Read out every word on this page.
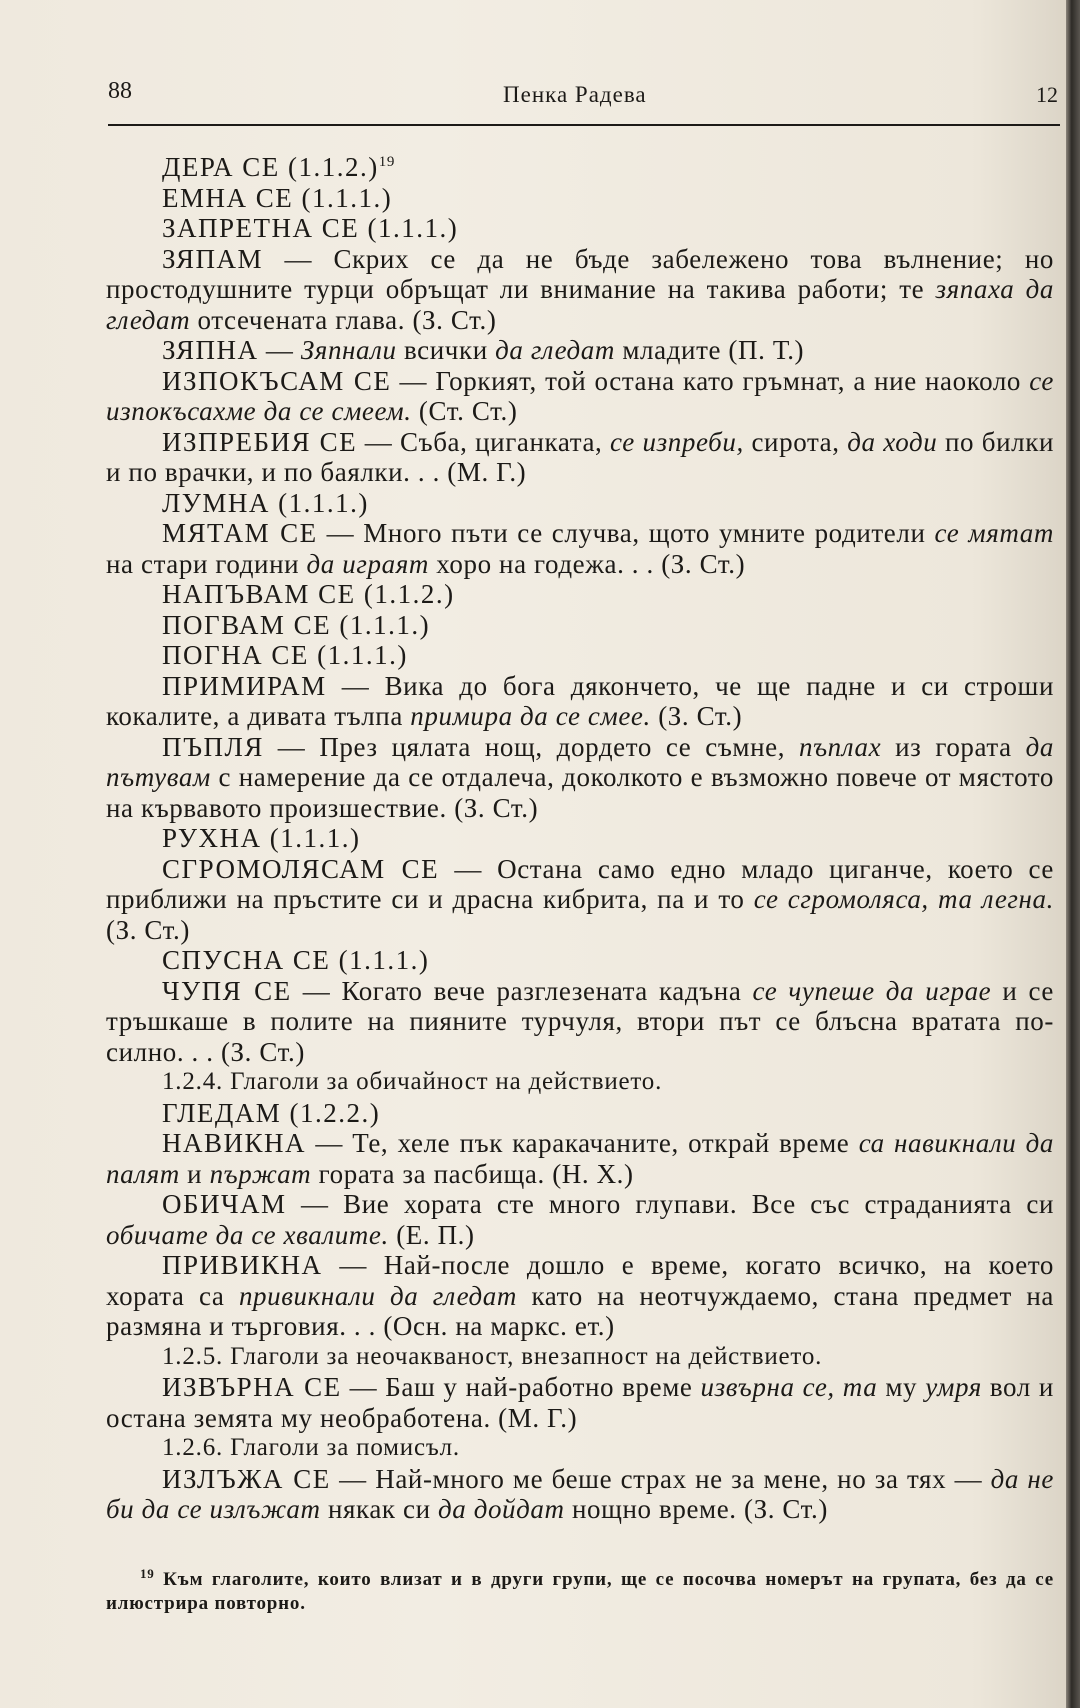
88	Пенка Радева	12

ДЕРА СЕ $(1.1.2.)^{19}$

ЕМНА СЕ (1.1.1.)

ЗАПРЕТНА СЕ (1.1.1.)

ЗЯПАМ — Скрих се да не бъде забележено това вълнение; но простодушните турци обръщат ли внимание на такива работи; те зяпаха да гледат отсечената глава. (З. Ст.)

ЗЯПНА — Зяпнали всички да гледат младите (П. Т.)

ИЗПОКЪСАМ СЕ — Горкият, той остана като гръмнат, а ние наоколо се изпокъсахме да се смеем. (Ст. Ст.)

ИЗПРЕБИЯ СЕ — Съба, циганката, се изпреби, сирота, да ходи по билки и по врачки, и по баялки. . . (М. Г.)

ЛУМНА (1.1.1.)

МЯТАМ СЕ — Много пъти се случва, щото умните родители се мятат на стари години да играят хоро на годежа. . . (З. Ст.)

НАПЪВАМ СЕ (1.1.2.)

ПОГВАМ СЕ (1.1.1.)

ПОГНА СЕ (1.1.1.)

ПРИМИРАМ — Вика до бога дякончето, че ще падне и си строши кокалите, а дивата тълпа примира да се смее. (З. Ст.)

ПЪПЛЯ — През цялата нощ, дордето се съмне, пъплах из гората да пътувам с намерение да се отдалеча, доколкото е възможно повече от мястото на кървавото произшествие. (З. Ст.)

РУХНА (1.1.1.)

СГРОМОЛЯСАМ СЕ — Остана само едно младо циганче, което се приближи на пръстите си и драсна кибрита, па и то се сгромоляса, та легна. (З. Ст.)

СПУСНА СЕ (1.1.1.)

ЧУПЯ СЕ — Когато вече разглезената кадъна се чупеше да играе и се тръшкаше в полите на пияните турчуля, втори път се блъсна вратата по-силно. . . (З. Ст.)

1.2.4. Глаголи за обичайност на действието.

ГЛЕДАМ (1.2.2.)

НАВИКНА — Те, хеле пък каракачаните, открай време са навикнали да палят и пържат гората за пасбища. (Н. Х.)

ОБИЧАМ — Вие хората сте много глупави. Все със страданията си обичате да се хвалите. (Е. П.)

ПРИВИКНА — Най-после дошло е време, когато всичко, на което хората са привикнали да гледат като на неотчуждаемо, стана предмет на размяна и търговия. . . (Осн. на маркс. ет.)

1.2.5. Глаголи за неочакваност, внезапност на действието.

ИЗВЪРНА СЕ — Баш у най-работно време извърна се, та му умря вол и остана земята му необработена. (М. Г.)

1.2.6. Глаголи за помисъл.

ИЗЛЪЖА СЕ — Най-много ме беше страх не за мене, но за тях — да не би да се излъжат някак си да дойдат нощно време. (З. Ст.)

$^{19}$ Към глаголите, които влизат и в други групи, ще се посочва номерът на групата, без да се илюстрира повторно.
